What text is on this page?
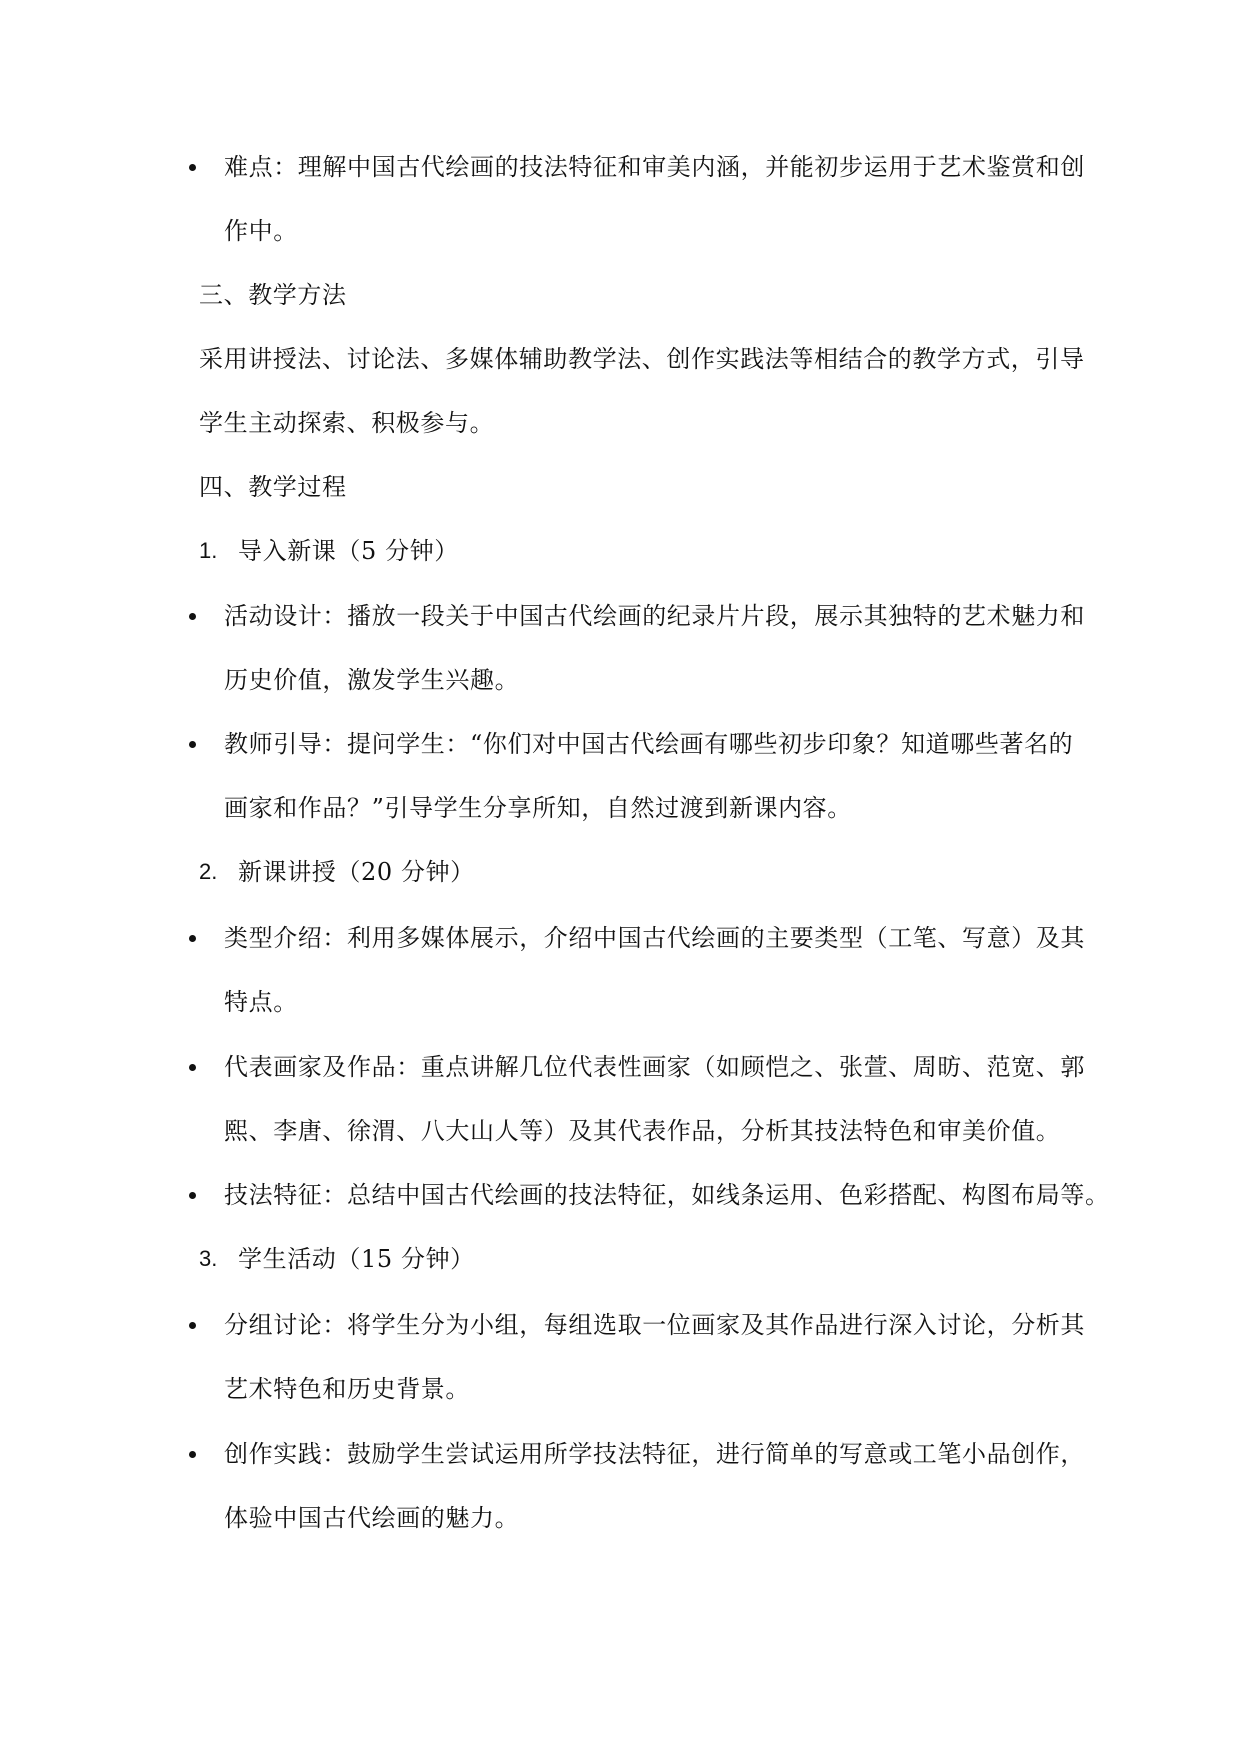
难点：理解中国古代绘画的技法特征和审美内涵，并能初步运用于艺术鉴赏和创
作中。
三、教学方法
采用讲授法、讨论法、多媒体辅助教学法、创作实践法等相结合的教学方式，引导
学生主动探索、积极参与。
四、教学过程
1. 导入新课（5 分钟）
活动设计：播放一段关于中国古代绘画的纪录片片段，展示其独特的艺术魅力和
历史价值，激发学生兴趣。
教师引导：提问学生：“你们对中国古代绘画有哪些初步印象？知道哪些著名的
画家和作品？”引导学生分享所知，自然过渡到新课内容。
2. 新课讲授（20 分钟）
类型介绍：利用多媒体展示，介绍中国古代绘画的主要类型（工笔、写意）及其
特点。
代表画家及作品：重点讲解几位代表性画家（如顾恺之、张萱、周昉、范宽、郭
熙、李唐、徐渭、八大山人等）及其代表作品，分析其技法特色和审美价值。
技法特征：总结中国古代绘画的技法特征，如线条运用、色彩搭配、构图布局等。
3. 学生活动（15 分钟）
分组讨论：将学生分为小组，每组选取一位画家及其作品进行深入讨论，分析其
艺术特色和历史背景。
创作实践：鼓励学生尝试运用所学技法特征，进行简单的写意或工笔小品创作，
体验中国古代绘画的魅力。
